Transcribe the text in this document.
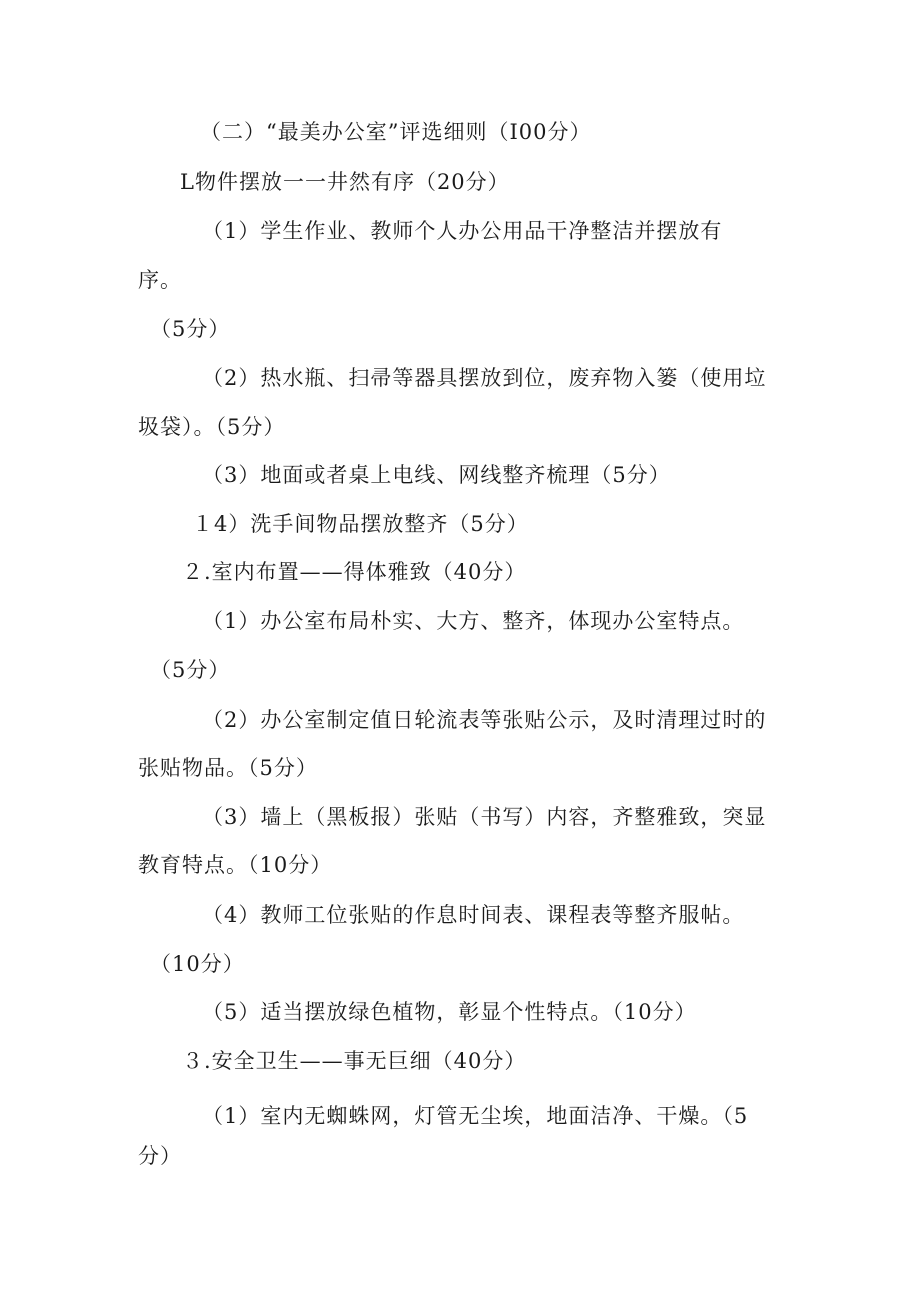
（二）“最美办公室”评选细则（I00分）
L物件摆放一一井然有序（20分）
（1）学生作业、教师个人办公用品干净整洁并摆放有
序。
（5分）
（2）热水瓶、扫帚等器具摆放到位，废弃物入篓（使用垃
圾袋）。（5分）
（3）地面或者桌上电线、网线整齐梳理（5分）
１4）洗手间物品摆放整齐（5分）
２.室内布置——得体雅致（40分）
（1）办公室布局朴实、大方、整齐，体现办公室特点。
（5分）
（2）办公室制定值日轮流表等张贴公示，及时清理过时的
张贴物品。（5分）
（3）墙上（黑板报）张贴（书写）内容，齐整雅致，突显
教育特点。（10分）
（4）教师工位张贴的作息时间表、课程表等整齐服帖。
（10分）
（5）适当摆放绿色植物，彰显个性特点。（10分）
３.安全卫生——事无巨细（40分）
（1）室内无蜘蛛网，灯管无尘埃，地面洁净、干燥。（5
分）
